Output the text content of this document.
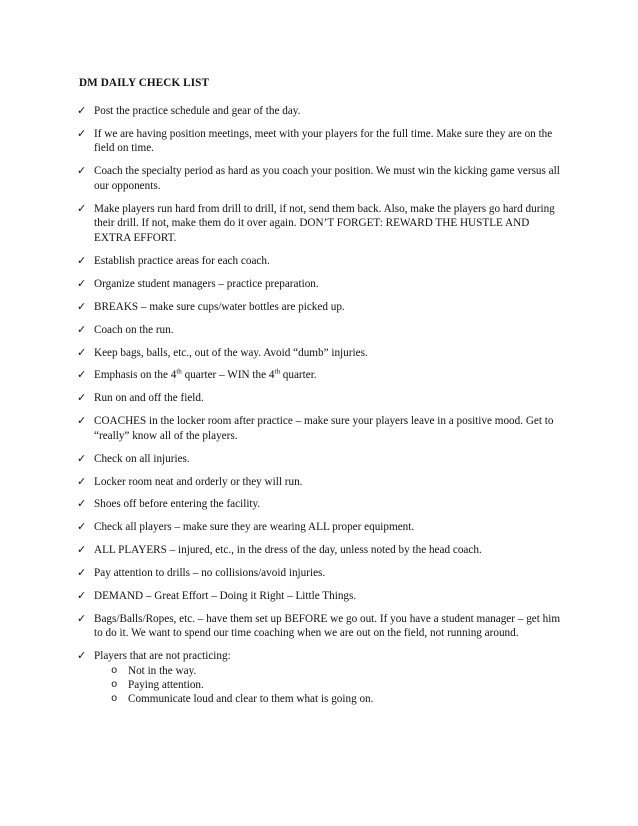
DM DAILY CHECK LIST
✓ Post the practice schedule and gear of the day.
✓ If we are having position meetings, meet with your players for the full time. Make sure they are on the field on time.
✓ Coach the specialty period as hard as you coach your position. We must win the kicking game versus all our opponents.
✓ Make players run hard from drill to drill, if not, send them back. Also, make the players go hard during their drill. If not, make them do it over again. DON’T FORGET: REWARD THE HUSTLE AND EXTRA EFFORT.
✓ Establish practice areas for each coach.
✓ Organize student managers – practice preparation.
✓ BREAKS – make sure cups/water bottles are picked up.
✓ Coach on the run.
✓ Keep bags, balls, etc., out of the way. Avoid “dumb” injuries.
✓ Emphasis on the 4th quarter – WIN the 4th quarter.
✓ Run on and off the field.
✓ COACHES in the locker room after practice – make sure your players leave in a positive mood. Get to “really” know all of the players.
✓ Check on all injuries.
✓ Locker room neat and orderly or they will run.
✓ Shoes off before entering the facility.
✓ Check all players – make sure they are wearing ALL proper equipment.
✓ ALL PLAYERS – injured, etc., in the dress of the day, unless noted by the head coach.
✓ Pay attention to drills – no collisions/avoid injuries.
✓ DEMAND – Great Effort – Doing it Right – Little Things.
✓ Bags/Balls/Ropes, etc. – have them set up BEFORE we go out. If you have a student manager – get him to do it. We want to spend our time coaching when we are out on the field, not running around.
✓ Players that are not practicing:
o Not in the way.
o Paying attention.
o Communicate loud and clear to them what is going on.
